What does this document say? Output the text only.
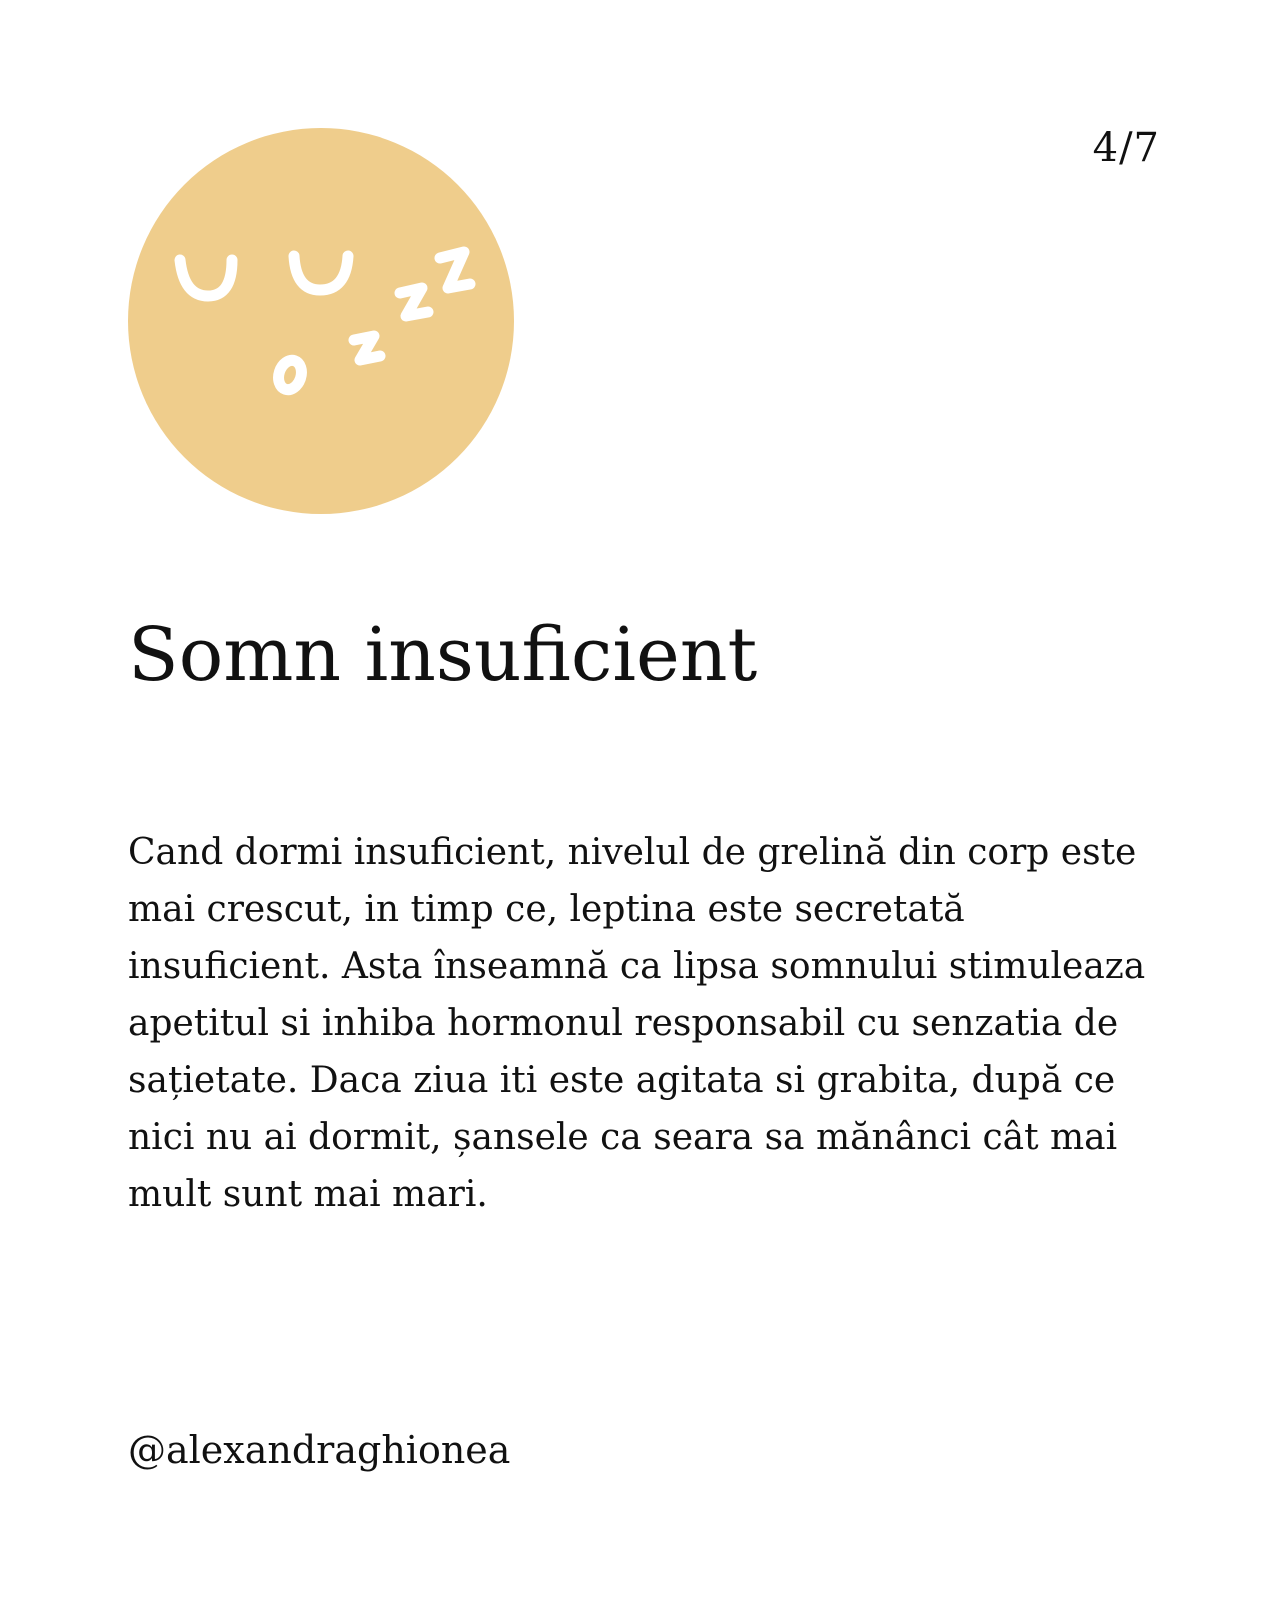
4/7
Somn insuficient

Cand dormi insuficient, nivelul de grelină din corp este mai crescut, in timp ce, leptina este secretată insuficient. Asta înseamnă ca lipsa somnului stimuleaza apetitul si inhiba hormonul responsabil cu senzatia de sațietate. Daca ziua iti este agitata si grabita, după ce nici nu ai dormit, șansele ca seara sa mănânci cât mai mult sunt mai mari.

@alexandraghionea
